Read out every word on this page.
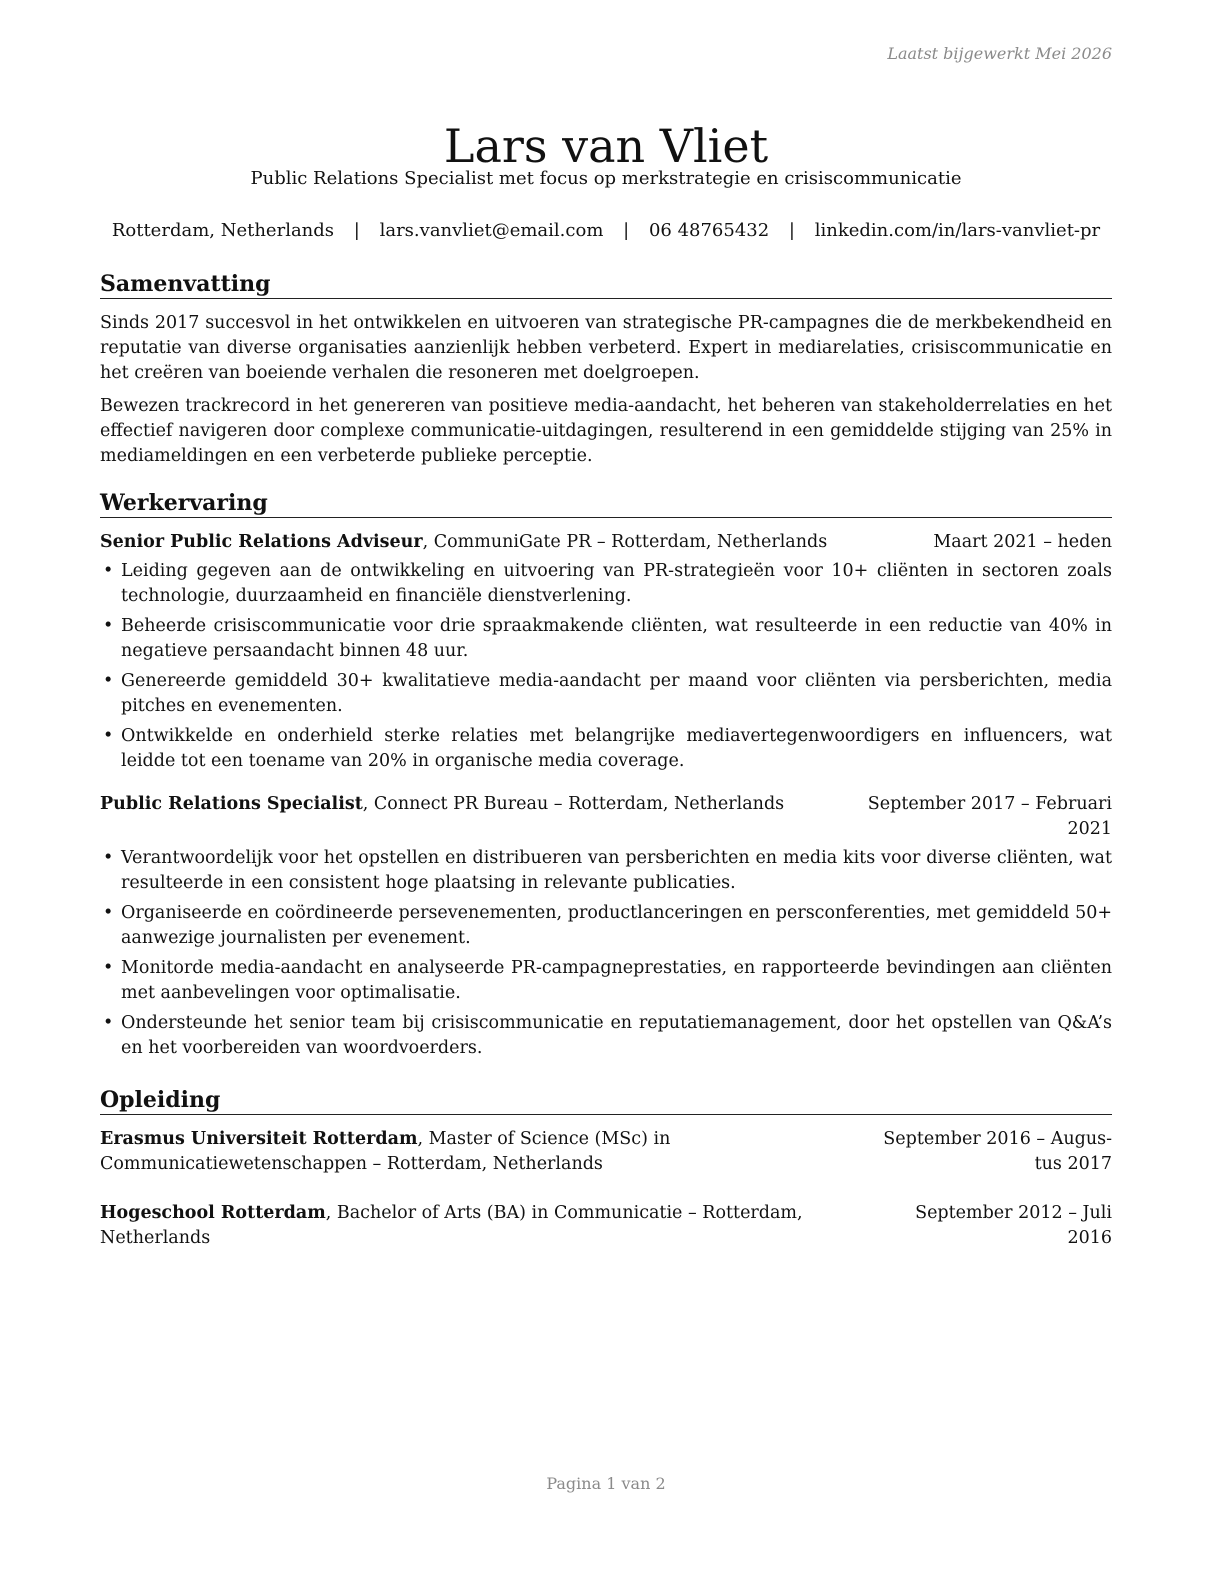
Laatst bijgewerkt Mei 2026
Lars van Vliet
Public Relations Specialist met focus op merkstrategie en crisiscommunicatie
Rotterdam, Netherlands | lars.vanvliet@email.com | 06 48765432 | linkedin.com/in/lars-vanvliet-pr
Samenvatting

Sinds 2017 succesvol in het ontwikkelen en uitvoeren van strategische PR-campagnes die de merkbekendheid en reputatie van diverse organisaties aanzienlijk hebben verbeterd. Expert in mediarelaties, crisiscommunicatie en het creëren van boeiende verhalen die resoneren met doelgroepen.

Bewezen trackrecord in het genereren van positieve media-aandacht, het beheren van stakeholderrelaties en het effectief navigeren door complexe communicatie-uitdagingen, resulterend in een gemiddelde stijging van 25% in mediameldingen en een verbeterde publieke perceptie.

Werkervaring
Senior Public Relations Adviseur, CommuniGate PR – Rotterdam, Netherlands	Maart 2021 – heden
• Leiding gegeven aan de ontwikkeling en uitvoering van PR-strategieën voor 10+ cliënten in sectoren zoals technologie, duurzaamheid en financiële dienstverlening.
• Beheerde crisiscommunicatie voor drie spraakmakende cliënten, wat resulteerde in een reductie van 40% in negatieve persaandacht binnen 48 uur.
• Genereerde gemiddeld 30+ kwalitatieve media-aandacht per maand voor cliënten via persberichten, media pitches en evenementen.
• Ontwikkelde en onderhield sterke relaties met belangrijke mediavertegenwoordigers en influencers, wat leidde tot een toename van 20% in organische media coverage.
Public Relations Specialist, Connect PR Bureau – Rotterdam, Netherlands	September 2017 – Februari
2021
• Verantwoordelijk voor het opstellen en distribueren van persberichten en media kits voor diverse cliënten, wat resulteerde in een consistent hoge plaatsing in relevante publicaties.
• Organiseerde en coördineerde persevenementen, productlanceringen en persconferenties, met gemiddeld 50+ aanwezige journalisten per evenement.
• Monitorde media-aandacht en analyseerde PR-campagneprestaties, en rapporteerde bevindingen aan cliënten met aanbevelingen voor optimalisatie.
• Ondersteunde het senior team bij crisiscommunicatie en reputatiemanagement, door het opstellen van Q&A’s en het voorbereiden van woordvoerders.
Opleiding
Erasmus Universiteit Rotterdam, Master of Science (MSc) in Communicatiewetenschappen – Rotterdam, Netherlands
September 2016 – Augus-
tus 2017
Hogeschool Rotterdam, Bachelor of Arts (BA) in Communicatie – Rotterdam, Netherlands
September 2012 – Juli
2016
Pagina 1 van 2
